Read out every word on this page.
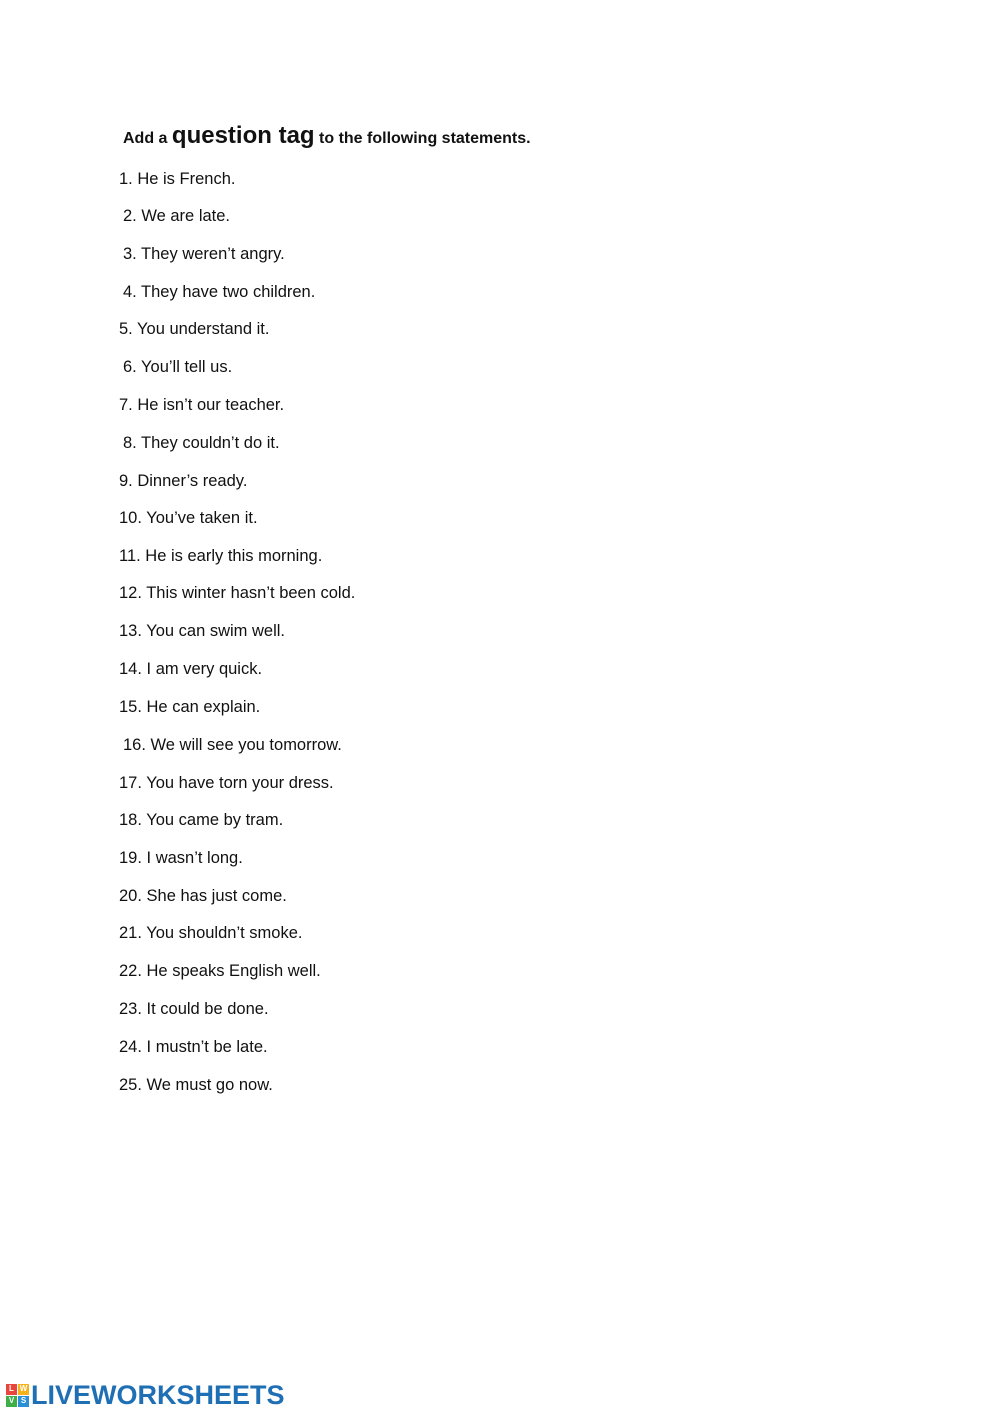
Add a question tag to the following statements.
1. He is French.
2. We are late.
3. They weren’t angry.
4. They have two children.
5. You understand it.
6. You’ll tell us.
7. He isn’t our teacher.
8. They couldn’t do it.
9. Dinner’s ready.
10. You’ve taken it.
11. He is early this morning.
12. This winter hasn’t been cold.
13. You can swim well.
14. I am very quick.
15. He can explain.
16. We will see you tomorrow.
17. You have torn your dress.
18. You came by tram.
19. I wasn’t long.
20. She has just come.
21. You shouldn’t smoke.
22. He speaks English well.
23. It could be done.
24. I mustn’t be late.
25. We must go now.
L W
V S LIVEWORKSHEETS
